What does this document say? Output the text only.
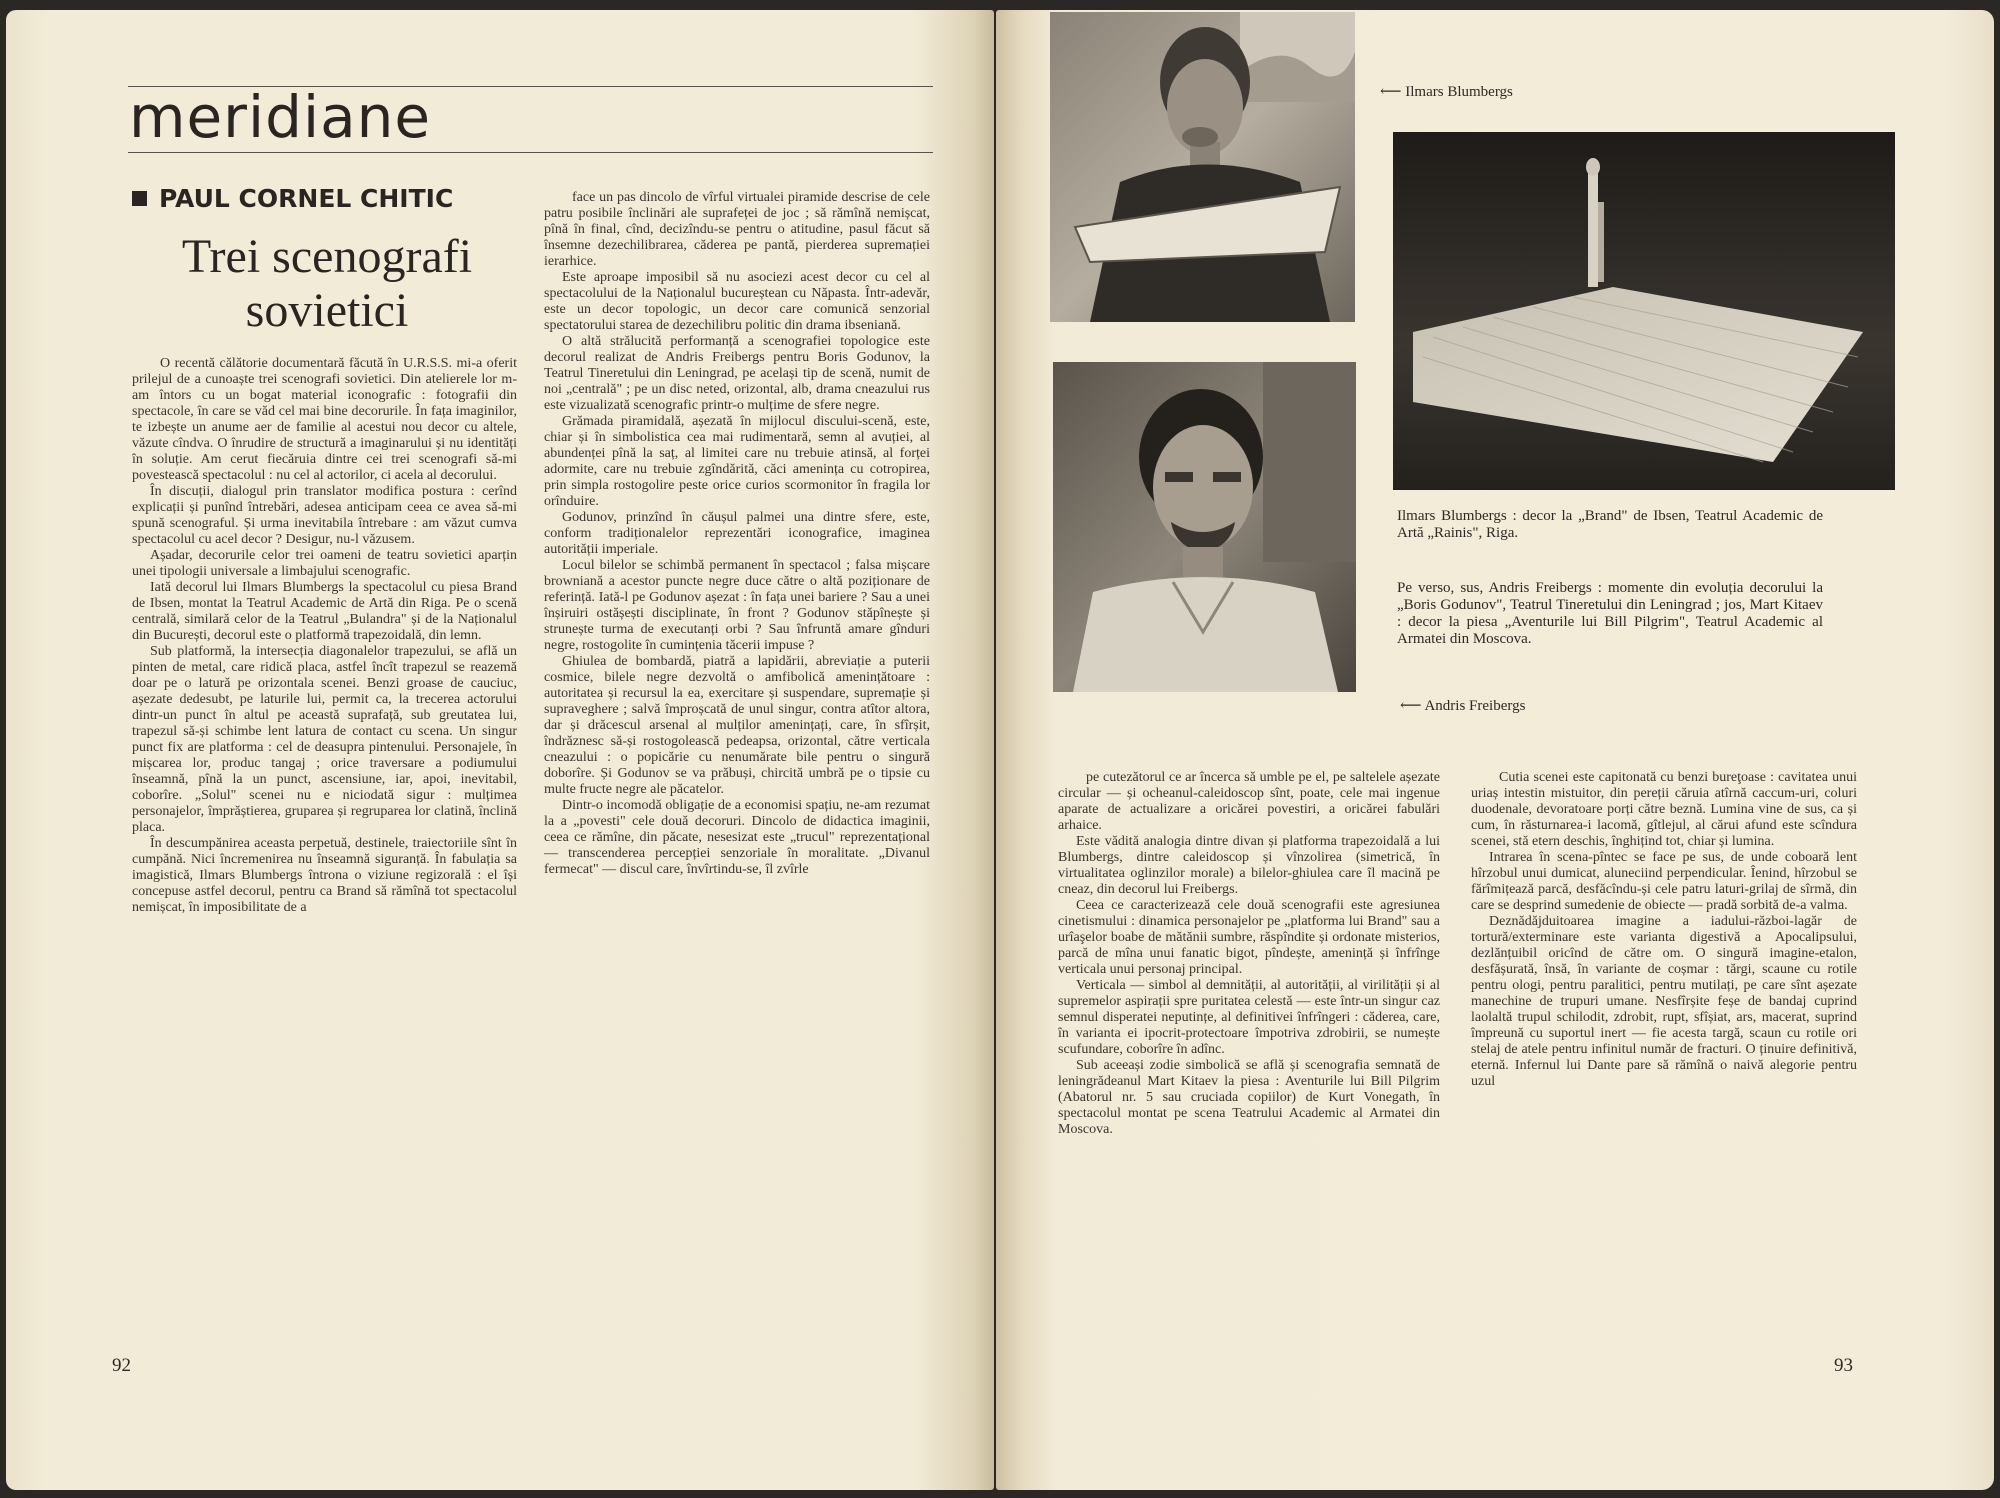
meridiane
PAUL CORNEL CHITIC
Trei scenografi
sovietici

O recentă călătorie documentară făcută în U.R.S.S. mi-a oferit prilejul de a cunoaște trei scenografi sovietici. Din atelierele lor m-am întors cu un bogat material iconografic : fotografii din spectacole, în care se văd cel mai bine decorurile. În fața imaginilor, te izbește un anume aer de familie al acestui nou decor cu altele, văzute cîndva. O înrudire de structură a imaginarului și nu identități în soluție. Am cerut fiecăruia dintre cei trei scenografi să-mi povestească spectacolul : nu cel al actorilor, ci acela al decorului.

În discuții, dialogul prin translator modifica postura : cerînd explicații și punînd întrebări, adesea anticipam ceea ce avea să-mi spună scenograful. Și urma inevitabila întrebare : am văzut cumva spectacolul cu acel decor ? Desigur, nu-l văzusem.

Așadar, decorurile celor trei oameni de teatru sovietici aparțin unei tipologii universale a limbajului scenografic.

Iată decorul lui Ilmars Blumbergs la spectacolul cu piesa Brand de Ibsen, montat la Teatrul Academic de Artă din Riga. Pe o scenă centrală, similară celor de la Teatrul „Bulandra" și de la Naționalul din București, decorul este o platformă trapezoidală, din lemn.

Sub platformă, la intersecția diagonalelor trapezului, se află un pinten de metal, care ridică placa, astfel încît trapezul se reazemă doar pe o latură pe orizontala scenei. Benzi groase de cauciuc, așezate dedesubt, pe laturile lui, permit ca, la trecerea actorului dintr-un punct în altul pe această suprafață, sub greutatea lui, trapezul să-și schimbe lent latura de contact cu scena. Un singur punct fix are platforma : cel de deasupra pintenului. Personajele, în mișcarea lor, produc tangaj ; orice traversare a podiumului înseamnă, pînă la un punct, ascensiune, iar, apoi, inevitabil, coborîre. „Solul" scenei nu e niciodată sigur : mulțimea personajelor, împrăștierea, gruparea și regruparea lor clatină, înclină placa.

În descumpănirea aceasta perpetuă, destinele, traiectoriile sînt în cumpănă. Nici încremenirea nu înseamnă siguranță. În fabulația sa imagistică, Ilmars Blumbergs întrona o viziune regizorală : el își concepuse astfel decorul, pentru ca Brand să rămînă tot spectacolul nemișcat, în imposibilitate de a

face un pas dincolo de vîrful virtualei piramide descrise de cele patru posibile înclinări ale suprafeței de joc ; să rămînă nemișcat, pînă în final, cînd, decizîndu-se pentru o atitudine, pasul făcut să însemne dezechilibrarea, căderea pe pantă, pierderea supremației ierarhice.

Este aproape imposibil să nu asociezi acest decor cu cel al spectacolului de la Naționalul bucureștean cu Năpasta. Într-adevăr, este un decor topologic, un decor care comunică senzorial spectatorului starea de dezechilibru politic din drama ibseniană.

O altă strălucită performanță a scenografiei topologice este decorul realizat de Andris Freibergs pentru Boris Godunov, la Teatrul Tineretului din Leningrad, pe același tip de scenă, numit de noi „centrală" ; pe un disc neted, orizontal, alb, drama cneazului rus este vizualizată scenografic printr-o mulțime de sfere negre.

Grămada piramidală, așezată în mijlocul discului-scenă, este, chiar și în simbolistica cea mai rudimentară, semn al avuției, al abundenței pînă la saț, al limitei care nu trebuie atinsă, al forței adormite, care nu trebuie zgîndărită, căci amenința cu cotropirea, prin simpla rostogolire peste orice curios scormonitor în fragila lor orînduire.

Godunov, prinzînd în căușul palmei una dintre sfere, este, conform tradiționalelor reprezentări iconografice, imaginea autorității imperiale.

Locul bilelor se schimbă permanent în spectacol ; falsa mișcare browniană a acestor puncte negre duce către o altă poziționare de referință. Iată-l pe Godunov așezat : în fața unei bariere ? Sau a unei înșiruiri ostășești disciplinate, în front ? Godunov stăpînește și strunește turma de executanți orbi ? Sau înfruntă amare gînduri negre, rostogolite în cumințenia tăcerii impuse ?

Ghiulea de bombardă, piatră a lapidării, abreviație a puterii cosmice, bilele negre dezvoltă o amfibolică amenințătoare : autoritatea și recursul la ea, exercitare și suspendare, supremație și supraveghere ; salvă împroșcată de unul singur, contra atîtor altora, dar și drăcescul arsenal al mulților amenințați, care, în sfîrșit, îndrăznesc să-și rostogolească pedeapsa, orizontal, către verticala cneazului : o popicărie cu nenumărate bile pentru o singură doborîre. Și Godunov se va prăbuși, chircită umbră pe o tipsie cu multe fructe negre ale păcatelor.

Dintr-o incomodă obligație de a economisi spațiu, ne-am rezumat la a „povesti" cele două decoruri. Dincolo de didactica imaginii, ceea ce rămîne, din păcate, nesesizat este „trucul" reprezentațional — transcenderea percepției senzoriale în moralitate. „Divanul fermecat" — discul care, învîrtindu-se, îl zvîrle

92
⟵ Ilmars Blumbergs
Ilmars Blumbergs : decor la „Brand" de Ibsen, Teatrul Academic de Artă „Rainis", Riga.
Pe verso, sus, Andris Freibergs : momente din evoluția decorului la „Boris Godunov", Teatrul Tineretului din Leningrad ; jos, Mart Kitaev : decor la piesa „Aventurile lui Bill Pilgrim", Teatrul Academic al Armatei din Moscova.
⟵ Andris Freibergs

pe cutezătorul ce ar încerca să umble pe el, pe saltelele așezate circular — și ocheanul-caleidoscop sînt, poate, cele mai ingenue aparate de actualizare a oricărei povestiri, a oricărei fabulări arhaice.

Este vădită analogia dintre divan și platforma trapezoidală a lui Blumbergs, dintre caleidoscop și vînzolirea (simetrică, în virtualitatea oglinzilor morale) a bilelor-ghiulea care îl macină pe cneaz, din decorul lui Freibergs.

Ceea ce caracterizează cele două scenografii este agresiunea cinetismului : dinamica personajelor pe „platforma lui Brand" sau a urîaşelor boabe de mătănii sumbre, răspîndite și ordonate misterios, parcă de mîna unui fanatic bigot, pîndește, amenință și înfrînge verticala unui personaj principal.

Verticala — simbol al demnității, al autorității, al virilității și al supremelor aspirații spre puritatea celestă — este într-un singur caz semnul disperatei neputințe, al definitivei înfrîngeri : căderea, care, în varianta ei ipocrit-protectoare împotriva zdrobirii, se numește scufundare, coborîre în adînc.

Sub aceeași zodie simbolică se află și scenografia semnată de leningrădeanul Mart Kitaev la piesa : Aventurile lui Bill Pilgrim (Abatorul nr. 5 sau cruciada copiilor) de Kurt Vonegath, în spectacolul montat pe scena Teatrului Academic al Armatei din Moscova.

Cutia scenei este capitonată cu benzi bureţoase : cavitatea unui uriaș intestin mistuitor, din pereții căruia atîrnă caccum-uri, coluri duodenale, devoratoare porți către beznă. Lumina vine de sus, ca și cum, în răsturnarea-i lacomă, gîtlejul, al cărui afund este scîndura scenei, stă etern deschis, înghițind tot, chiar și lumina.

Intrarea în scena-pîntec se face pe sus, de unde coboară lent hîrzobul unui dumicat, aluneciind perpendicular. Îenind, hîrzobul se fărîmițează parcă, desfăcîndu-și cele patru laturi-grilaj de sîrmă, din care se desprind sumedenie de obiecte — pradă sorbită de-a valma.

Deznădăjduitoarea imagine a iadului-război-lagăr de tortură/exterminare este varianta digestivă a Apocalipsului, dezlănțuibil oricînd de către om. O singură imagine-etalon, desfășurată, însă, în variante de coșmar : tărgi, scaune cu rotile pentru ologi, pentru paralitici, pentru mutilați, pe care sînt așezate manechine de trupuri umane. Nesfîrșite feșe de bandaj cuprind laolaltă trupul schilodit, zdrobit, rupt, sfîșiat, ars, macerat, suprind împreună cu suportul inert — fie acesta targă, scaun cu rotile ori stelaj de atele pentru infinitul număr de fracturi. O ținuire definitivă, eternă. Infernul lui Dante pare să rămînă o naivă alegorie pentru uzul

93
